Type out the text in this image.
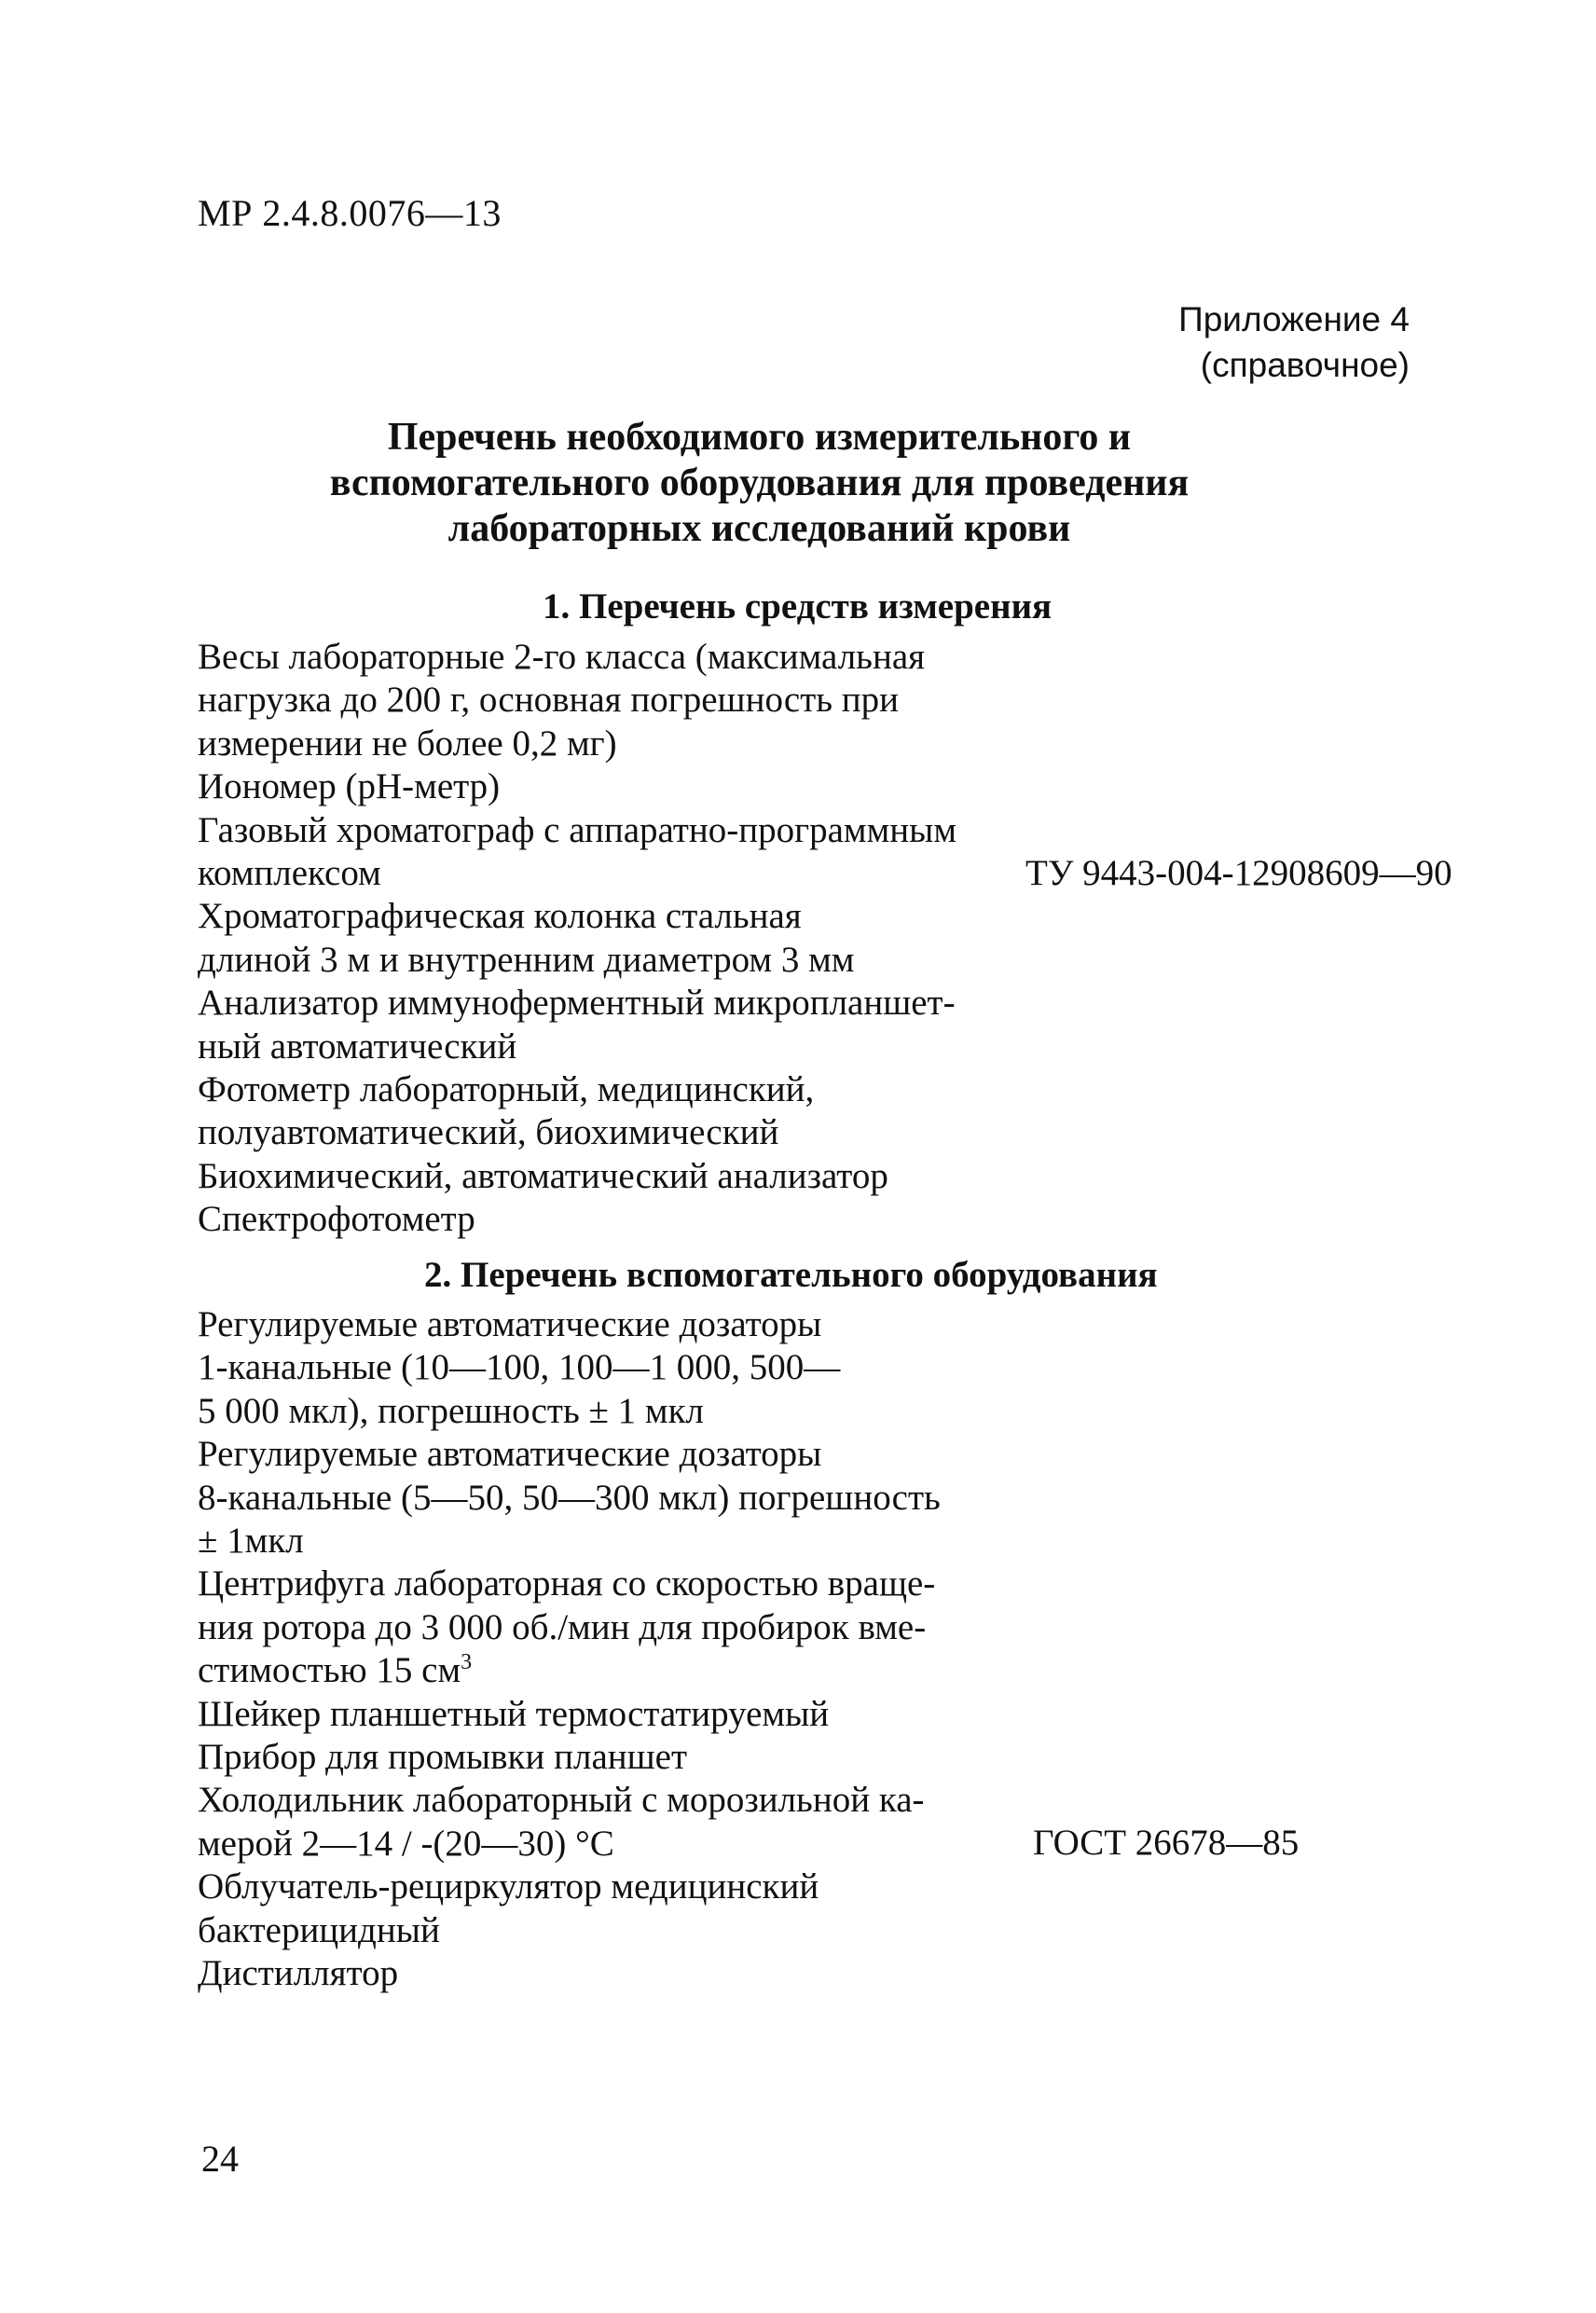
МР 2.4.8.0076—13
Приложение 4
(справочное)
Перечень необходимого измерительного и
вспомогательного оборудования для проведения
лабораторных исследований крови
1. Перечень средств измерения
Весы лабораторные 2-го класса (максимальная
нагрузка до 200 г, основная погрешность при
измерении не более 0,2 мг)
Иономер (pH-метр)
Газовый хроматограф с аппаратно-программным
комплексом	ТУ 9443-004-12908609—90
Хроматографическая колонка стальная
длиной 3 м и внутренним диаметром 3 мм
Анализатор иммуноферментный микропланшет-
ный автоматический
Фотометр лабораторный, медицинский,
полуавтоматический, биохимический
Биохимический, автоматический анализатор
Спектрофотометр
2. Перечень вспомогательного оборудования
Регулируемые автоматические дозаторы
1-канальные (10—100, 100—1 000, 500—
5 000 мкл), погрешность ± 1 мкл
Регулируемые автоматические дозаторы
8-канальные (5—50, 50—300 мкл) погрешность
± 1мкл
Центрифуга лабораторная со скоростью враще-
ния ротора до 3 000 об./мин для пробирок вме-
стимостью 15 $см^3$
Шейкер планшетный термостатируемый
Прибор для промывки планшет
Холодильник лабораторный с морозильной ка-
мерой 2—14 / -(20—30) °С	ГОСТ 26678—85
Облучатель-рециркулятор медицинский
бактерицидный
Дистиллятор
24
